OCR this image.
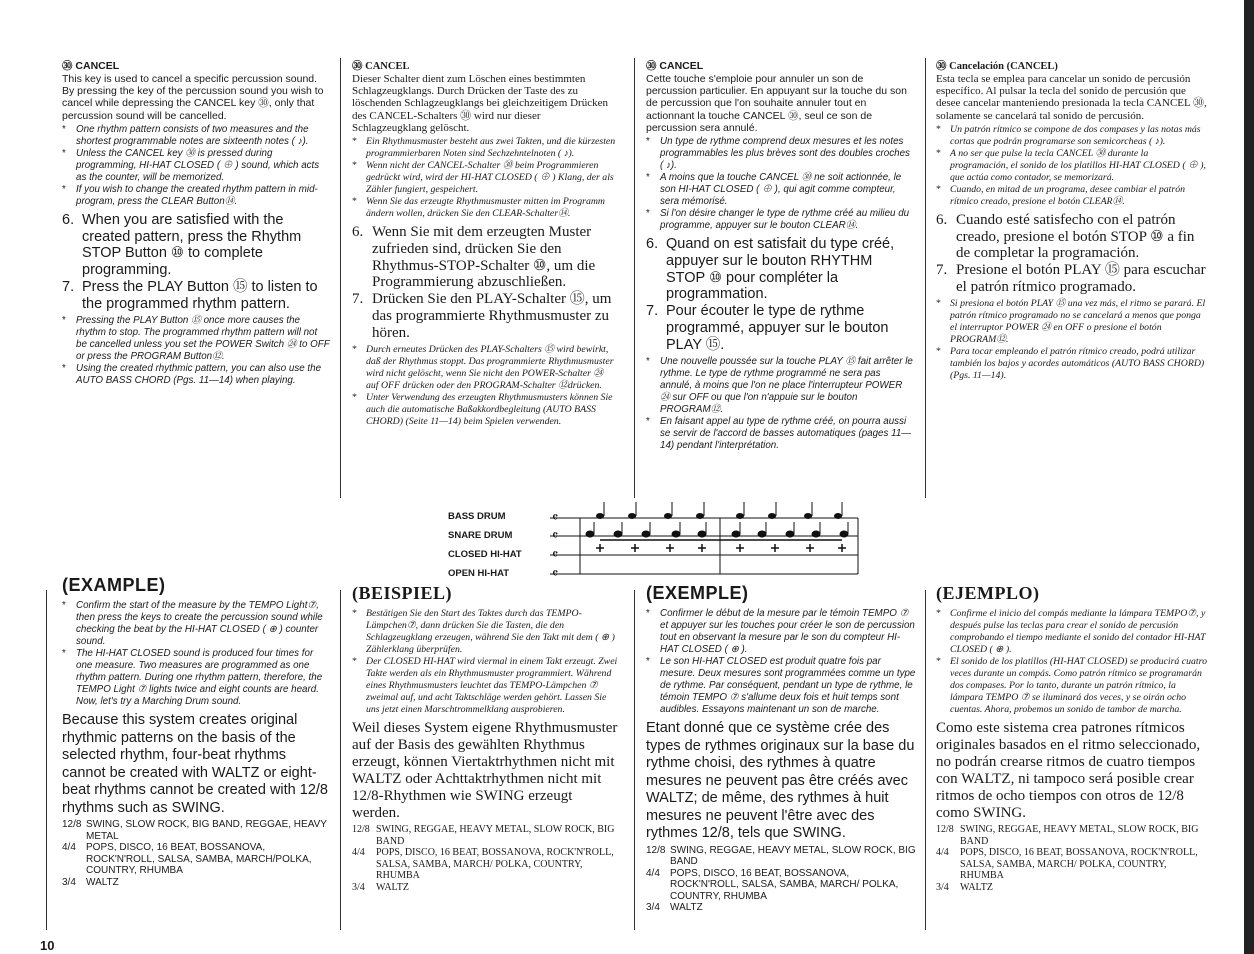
㉚ CANCEL

This key is used to cancel a specific percussion sound. By pressing the key of the percussion sound you wish to cancel while depressing the CANCEL key ㉚, only that percussion sound will be cancelled.

* One rhythm pattern consists of two measures and the shortest programmable notes are sixteenth notes ( ♪).
* Unless the CANCEL key ㉚ is pressed during programming, HI-HAT CLOSED ( ⊕ ) sound, which acts as the counter, will be memorized.
* If you wish to change the created rhythm pattern in mid-program, press the CLEAR Button⑭.
6. When you are satisfied with the created pattern, press the Rhythm STOP Button ⑩ to complete programming.
7. Press the PLAY Button ⑮ to listen to the programmed rhythm pattern.
* Pressing the PLAY Button ⑮ once more causes the rhythm to stop. The programmed rhythm pattern will not be cancelled unless you set the POWER Switch ㉔ to OFF or press the PROGRAM Button⑫.
* Using the created rhythmic pattern, you can also use the AUTO BASS CHORD (Pgs. 11—14) when playing.
㉚ CANCEL

Dieser Schalter dient zum Löschen eines bestimmten Schlagzeugklangs. Durch Drücken der Taste des zu löschenden Schlagzeugklangs bei gleichzeitigem Drücken des CANCEL-Schalters ㉚ wird nur dieser Schlagzeugklang gelöscht.

* Ein Rhythmusmuster besteht aus zwei Takten, und die kürzesten programmierbaren Noten sind Sechzehntelnoten ( ♪).
* Wenn nicht der CANCEL-Schalter ㉚ beim Programmieren gedrückt wird, wird der HI-HAT CLOSED ( ⊕ ) Klang, der als Zähler fungiert, gespeichert.
* Wenn Sie das erzeugte Rhythmusmuster mitten im Programm ändern wollen, drücken Sie den CLEAR-Schalter⑭.
6. Wenn Sie mit dem erzeugten Muster zufrieden sind, drücken Sie den Rhythmus-STOP-Schalter ⑩, um die Programmierung abzuschließen.
7. Drücken Sie den PLAY-Schalter ⑮, um das programmierte Rhythmusmuster zu hören.
* Durch erneutes Drücken des PLAY-Schalters ⑮ wird bewirkt, daß der Rhythmus stoppt. Das programmierte Rhythmusmuster wird nicht gelöscht, wenn Sie nicht den POWER-Schalter ㉔ auf OFF drücken oder den PROGRAM-Schalter ⑫drücken.
* Unter Verwendung des erzeugten Rhythmusmusters können Sie auch die automatische Baßakkordbegleitung (AUTO BASS CHORD) (Seite 11—14) beim Spielen verwenden.
㉚ CANCEL

Cette touche s'emploie pour annuler un son de percussion particulier. En appuyant sur la touche du son de percussion que l'on souhaite annuler tout en actionnant la touche CANCEL ㉚, seul ce son de percussion sera annulé.

* Un type de rythme comprend deux mesures et les notes programmables les plus brèves sont des doubles croches ( ♪).
* A moins que la touche CANCEL ㉚ ne soit actionnée, le son HI-HAT CLOSED ( ⊕ ), qui agit comme compteur, sera mémorisé.
* Si l'on désire changer le type de rythme créé au milieu du programme, appuyer sur le bouton CLEAR⑭.
6. Quand on est satisfait du type créé, appuyer sur le bouton RHYTHM STOP ⑩ pour compléter la programmation.
7. Pour écouter le type de rythme programmé, appuyer sur le bouton PLAY ⑮.
* Une nouvelle poussée sur la touche PLAY ⑮ fait arrêter le rythme. Le type de rythme programmé ne sera pas annulé, à moins que l'on ne place l'interrupteur POWER ㉔ sur OFF ou que l'on n'appuie sur le bouton PROGRAM⑫.
* En faisant appel au type de rythme créé, on pourra aussi se servir de l'accord de basses automatiques (pages 11—14) pendant l'interprétation.
㉚ Cancelación (CANCEL)

Esta tecla se emplea para cancelar un sonido de percusión específico. Al pulsar la tecla del sonido de percusión que desee cancelar manteniendo presionada la tecla CANCEL ㉚, solamente se cancelará tal sonido de percusión.

* Un patrón rítmico se compone de dos compases y las notas más cortas que podrán programarse son semicorcheas ( ♪).
* A no ser que pulse la tecla CANCEL ㉚ durante la programación, el sonido de los platillos HI-HAT CLOSED ( ⊕ ), que actúa como contador, se memorizará.
* Cuando, en mitad de un programa, desee cambiar el patrón rítmico creado, presione el botón CLEAR⑭.
6. Cuando esté satisfecho con el patrón creado, presione el botón STOP ⑩ a fin de completar la programación.
7. Presione el botón PLAY ⑮ para escuchar el patrón rítmico programado.
* Si presiona el botón PLAY ⑮ una vez más, el ritmo se parará. El patrón rítmico programado no se cancelará a menos que ponga el interruptor POWER ㉔ en OFF o presione el botón PROGRAM⑫.
* Para tocar empleando el patrón rítmico creado, podrá utilizar también los bajos y acordes automáticos (AUTO BASS CHORD) (Pgs. 11—14).
BASS DRUM
SNARE DRUM
CLOSED HI-HAT
OPEN HI-HAT
𝄴
𝄴
𝄴
𝄴
(EXAMPLE)
* Confirm the start of the measure by the TEMPO Light⑦, then press the keys to create the percussion sound while checking the beat by the HI-HAT CLOSED ( ⊕ ) counter sound.
* The HI-HAT CLOSED sound is produced four times for one measure. Two measures are programmed as one rhythm pattern. During one rhythm pattern, therefore, the TEMPO Light ⑦ lights twice and eight counts are heard. Now, let's try a Marching Drum sound.

Because this system creates original rhythmic patterns on the basis of the selected rhythm, four-beat rhythms cannot be created with WALTZ or eight-beat rhythms cannot be created with 12/8 rhythms such as SWING.

12/8 SWING, SLOW ROCK, BIG BAND, REGGAE, HEAVY METAL
4/4 POPS, DISCO, 16 BEAT, BOSSANOVA, ROCK'N'ROLL, SALSA, SAMBA, MARCH/POLKA, COUNTRY, RHUMBA
3/4 WALTZ
(BEISPIEL)
* Bestätigen Sie den Start des Taktes durch das TEMPO-Lämpchen⑦, dann drücken Sie die Tasten, die den Schlagzeugklang erzeugen, während Sie den Takt mit dem ( ⊕ ) Zählerklang überprüfen.
* Der CLOSED HI-HAT wird viermal in einem Takt erzeugt. Zwei Takte werden als ein Rhythmusmuster programmiert. Während eines Rhythmusmusters leuchtet das TEMPO-Lämpchen ⑦ zweimal auf, und acht Taktschläge werden gehört. Lassen Sie uns jetzt einen Marschtrommelklang ausprobieren.

Weil dieses System eigene Rhythmusmuster auf der Basis des gewählten Rhythmus erzeugt, können Viertaktrhythmen nicht mit WALTZ oder Achttaktrhythmen nicht mit 12/8-Rhythmen wie SWING erzeugt werden.

12/8 SWING, REGGAE, HEAVY METAL, SLOW ROCK, BIG BAND
4/4 POPS, DISCO, 16 BEAT, BOSSANOVA, ROCK'N'ROLL, SALSA, SAMBA, MARCH/ POLKA, COUNTRY, RHUMBA
3/4 WALTZ
(EXEMPLE)
* Confirmer le début de la mesure par le témoin TEMPO ⑦ et appuyer sur les touches pour créer le son de percussion tout en observant la mesure par le son du compteur HI-HAT CLOSED ( ⊕ ).
* Le son HI-HAT CLOSED est produit quatre fois par mesure. Deux mesures sont programmées comme un type de rythme. Par conséquent, pendant un type de rythme, le témoin TEMPO ⑦ s'allume deux fois et huit temps sont audibles. Essayons maintenant un son de marche.

Etant donné que ce système crée des types de rythmes originaux sur la base du rythme choisi, des rythmes à quatre mesures ne peuvent pas être créés avec WALTZ; de même, des rythmes à huit mesures ne peuvent l'être avec des rythmes 12/8, tels que SWING.

12/8 SWING, REGGAE, HEAVY METAL, SLOW ROCK, BIG BAND
4/4 POPS, DISCO, 16 BEAT, BOSSANOVA, ROCK'N'ROLL, SALSA, SAMBA, MARCH/ POLKA, COUNTRY, RHUMBA
3/4 WALTZ
(EJEMPLO)
* Confirme el inicio del compás mediante la lámpara TEMPO⑦, y después pulse las teclas para crear el sonido de percusión comprobando el tiempo mediante el sonido del contador HI-HAT CLOSED ( ⊕ ).
* El sonido de los platillos (HI-HAT CLOSED) se producirá cuatro veces durante un compás. Como patrón rítmico se programarán dos compases. Por lo tanto, durante un patrón rítmico, la lámpara TEMPO ⑦ se iluminará dos veces, y se oirán ocho cuentas. Ahora, probemos un sonido de tambor de marcha.

Como este sistema crea patrones rítmicos originales basados en el ritmo seleccionado, no podrán crearse ritmos de cuatro tiempos con WALTZ, ni tampoco será posible crear ritmos de ocho tiempos con otros de 12/8 como SWING.

12/8 SWING, REGGAE, HEAVY METAL, SLOW ROCK, BIG BAND
4/4 POPS, DISCO, 16 BEAT, BOSSANOVA, ROCK'N'ROLL, SALSA, SAMBA, MARCH/ POLKA, COUNTRY, RHUMBA
3/4 WALTZ
10
